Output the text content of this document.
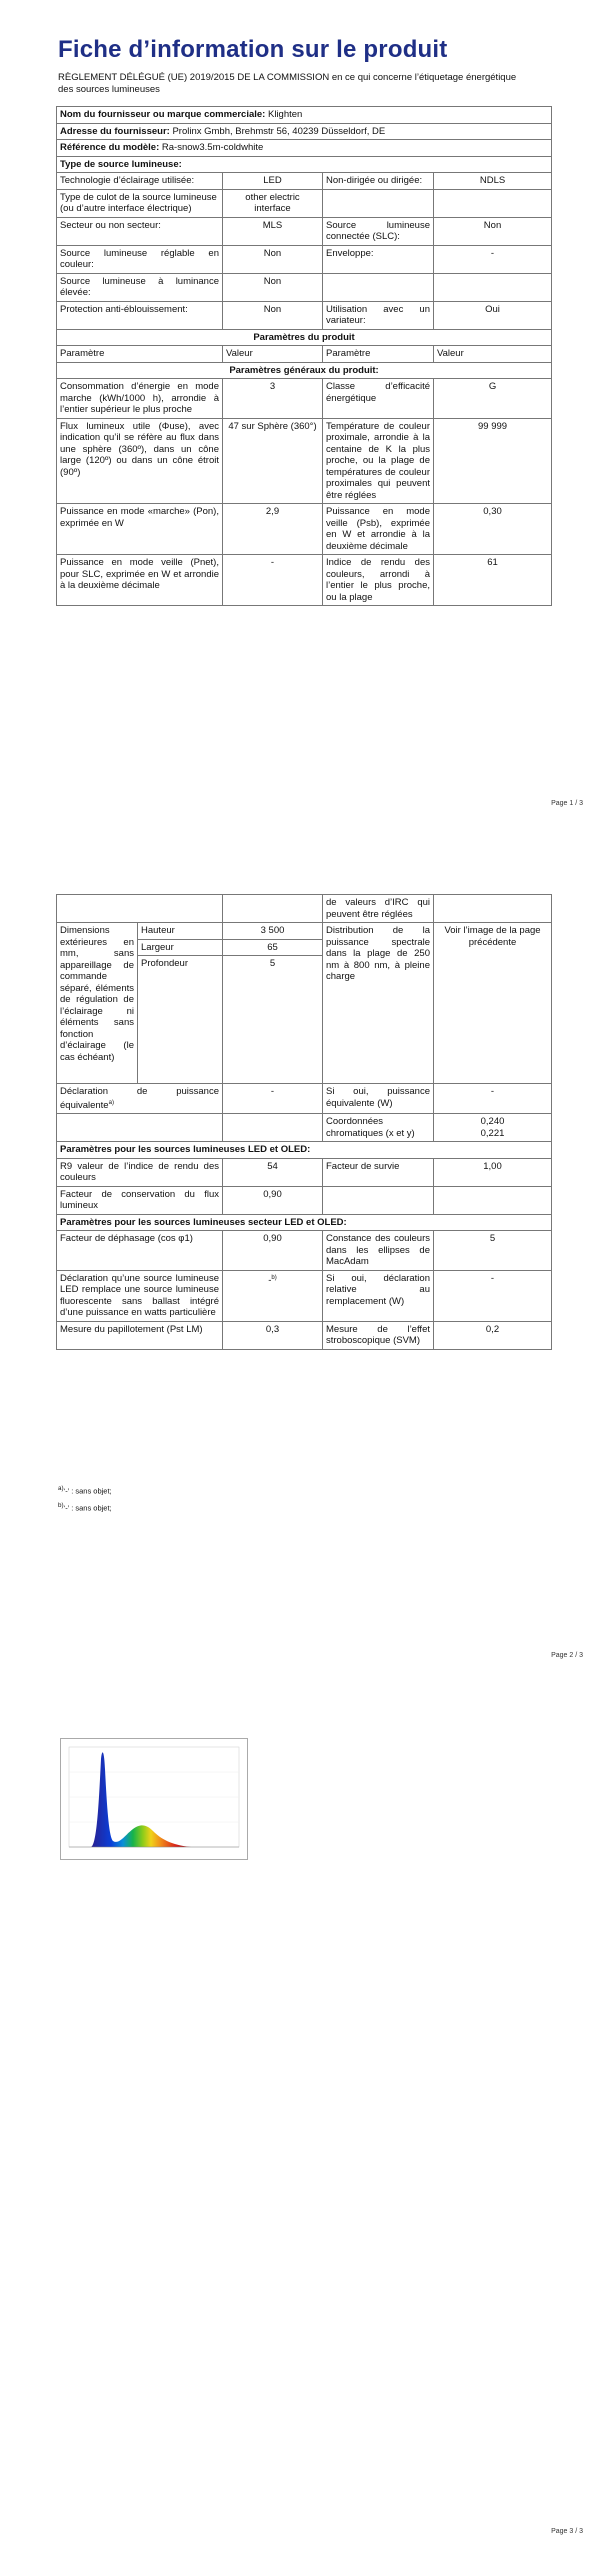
Fiche d’information sur le produit
RÈGLEMENT DÉLÉGUÉ (UE) 2019/2015 DE LA COMMISSION en ce qui concerne l’étiquetage énergétique des sources lumineuses
Nom du fournisseur ou marque commerciale: Klighten			
Adresse du fournisseur: Prolinx Gmbh, Brehmstr 56, 40239 Düsseldorf, DE			
Référence du modèle: Ra-snow3.5m-coldwhite			
Type de source lumineuse:			
Technologie d’éclairage utilisée:	LED	Non-dirigée ou dirigée:	NDLS
Type de culot de la source lumineuse
(ou d’autre interface électrique)	other electric interface		
Secteur ou non secteur:	MLS	Source lumineuse connectée (SLC):	Non
Source lumineuse réglable en couleur:	Non	Enveloppe:	-
Source lumineuse à luminance élevée:	Non		
Protection anti-éblouissement:	Non	Utilisation avec un variateur:	Oui
Paramètres du produit			
Paramètre	Valeur	Paramètre	Valeur
Paramètres généraux du produit:			
Consommation d’énergie en mode marche (kWh/1000 h), arrondie à l’entier supérieur le plus proche	3	Classe d’efficacité énergétique	G
Flux lumineux utile (Φuse), avec indication qu’il se réfère au flux dans une sphère (360º), dans un cône large (120º) ou dans un cône étroit (90º)	47 sur Sphère (360°)	Température de couleur proximale, arrondie à la centaine de K la plus proche, ou la plage de températures de couleur proximales qui peuvent être réglées	99 999
Puissance en mode «marche» (Pon), exprimée en W	2,9	Puissance en mode veille (Psb), exprimée en W et arrondie à la deuxième décimale	0,30
Puissance en mode veille (Pnet), pour SLC, exprimée en W et arrondie à la deuxième décimale	-	Indice de rendu des couleurs, arrondi à l’entier le plus proche, ou la plage	61
Page 1 / 3
			de valeurs d’IRC qui peuvent être réglées	
Dimensions extérieures en mm, sans appareillage de commande séparé, éléments de régulation de l’éclairage ni éléments sans fonction d’éclairage (le cas échéant)	Hauteur	3 500	Distribution de la puissance spectrale dans la plage de 250 nm à 800 nm, à pleine charge	Voir l’image de la page précédente
	Largeur	65		
	Profondeur	5		
Déclaration de puissance équivalente$^{a)}$		-	Si oui, puissance équivalente (W)	-
			Coordonnées chromatiques (x et y)	0,240
0,221
Paramètres pour les sources lumineuses LED et OLED:				
R9 valeur de l’indice de rendu des couleurs		54	Facteur de survie	1,00
Facteur de conservation du flux lumineux		0,90		
Paramètres pour les sources lumineuses secteur LED et OLED:				
Facteur de déphasage (cos φ1)		0,90	Constance des couleurs dans les ellipses de MacAdam	5
Déclaration qu’une source lumineuse LED remplace une source lumineuse fluorescente sans ballast intégré d’une puissance en watts particulière		-$^{b)}$	Si oui, déclaration relative au remplacement (W)	-
Mesure du papillotement (Pst LM)		0,3	Mesure de l’effet stroboscopique (SVM)	0,2
$^{a)}$‘-’ : sans objet;
$^{b)}$‘-’ : sans objet;
Page 2 / 3
Page 3 / 3
